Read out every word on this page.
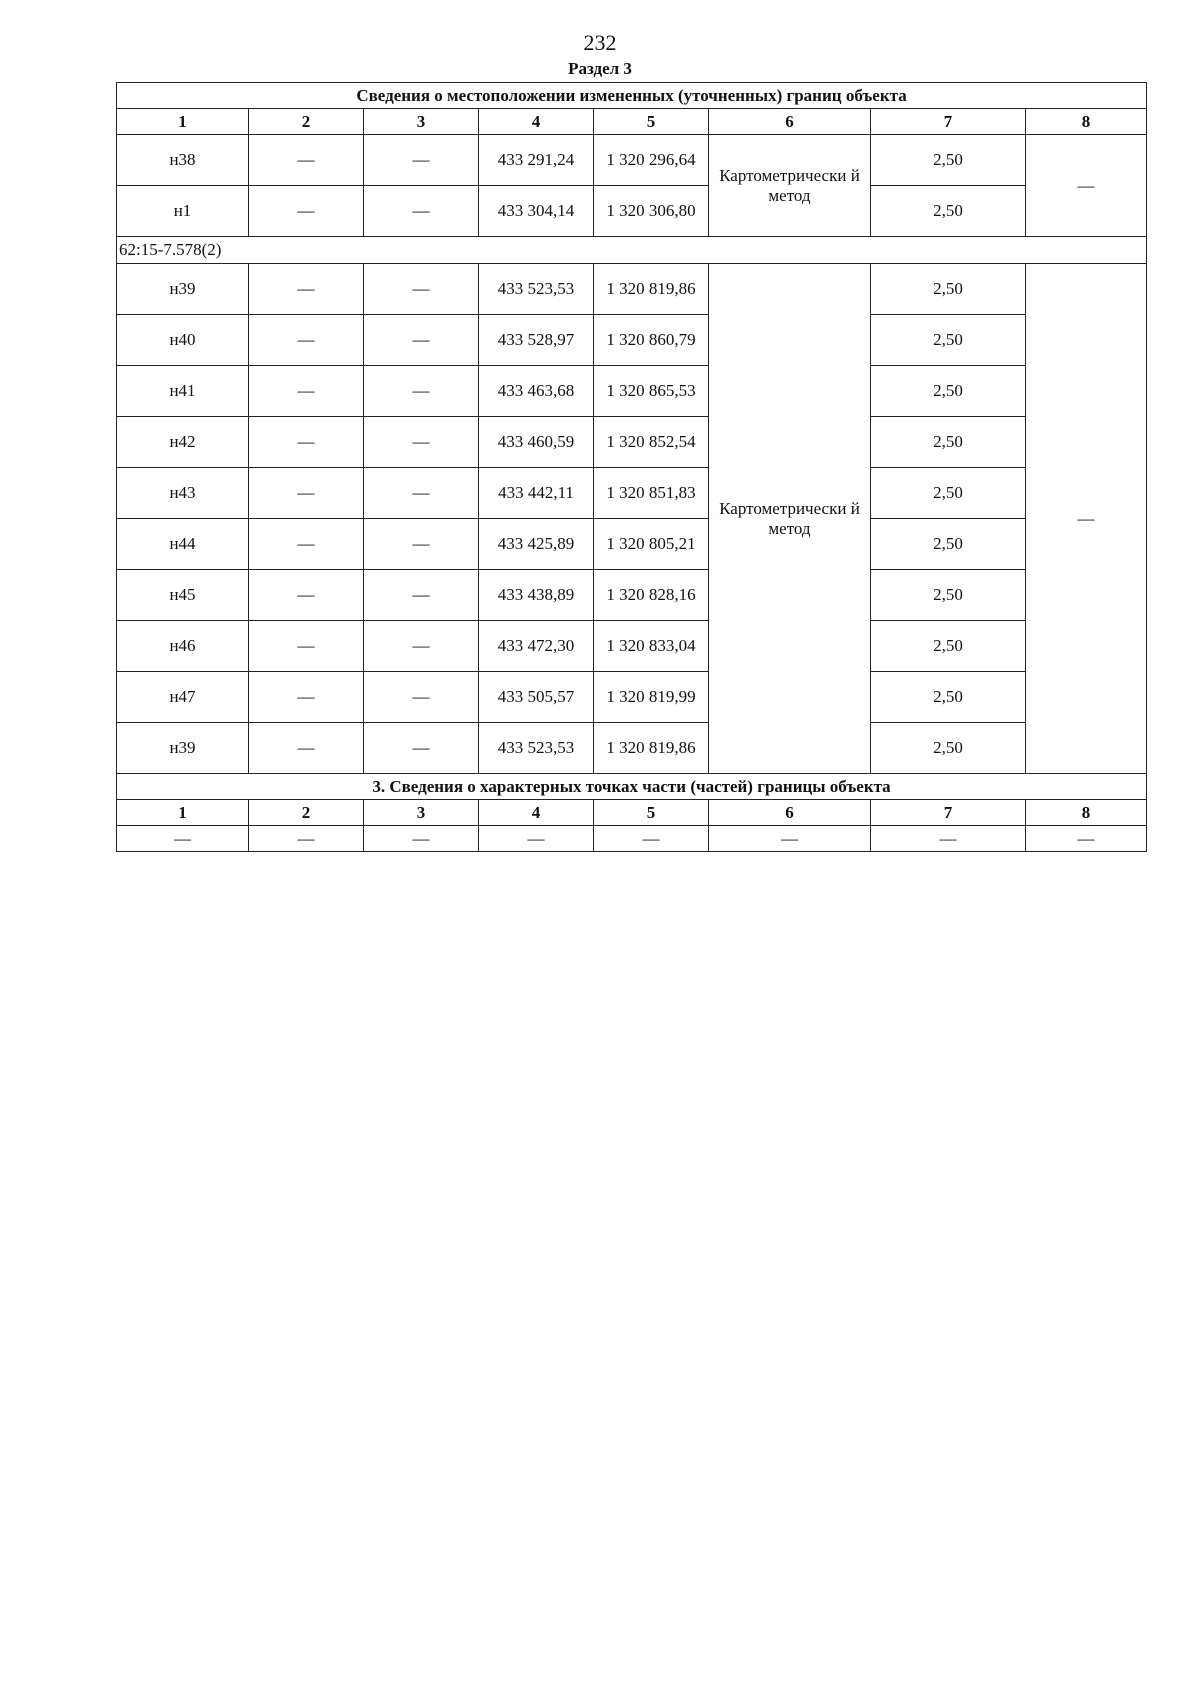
232
Раздел 3
Сведения о местоположении измененных (уточненных) границ объекта							
1	2	3	4	5	6	7	8
н38	—	—	433 291,24	1 320 296,64	Картометрически й метод	2,50	—
н1	—	—	433 304,14	1 320 306,80		2,50	
62:15-7.578(2)							
н39	—	—	433 523,53	1 320 819,86	Картометрически й метод	2,50	—
н40	—	—	433 528,97	1 320 860,79		2,50	
н41	—	—	433 463,68	1 320 865,53		2,50	
н42	—	—	433 460,59	1 320 852,54		2,50	
н43	—	—	433 442,11	1 320 851,83		2,50	
н44	—	—	433 425,89	1 320 805,21		2,50	
н45	—	—	433 438,89	1 320 828,16		2,50	
н46	—	—	433 472,30	1 320 833,04		2,50	
н47	—	—	433 505,57	1 320 819,99		2,50	
н39	—	—	433 523,53	1 320 819,86		2,50	
3. Сведения о характерных точках части (частей) границы объекта							
1	2	3	4	5	6	7	8
—	—	—	—	—	—	—	—
